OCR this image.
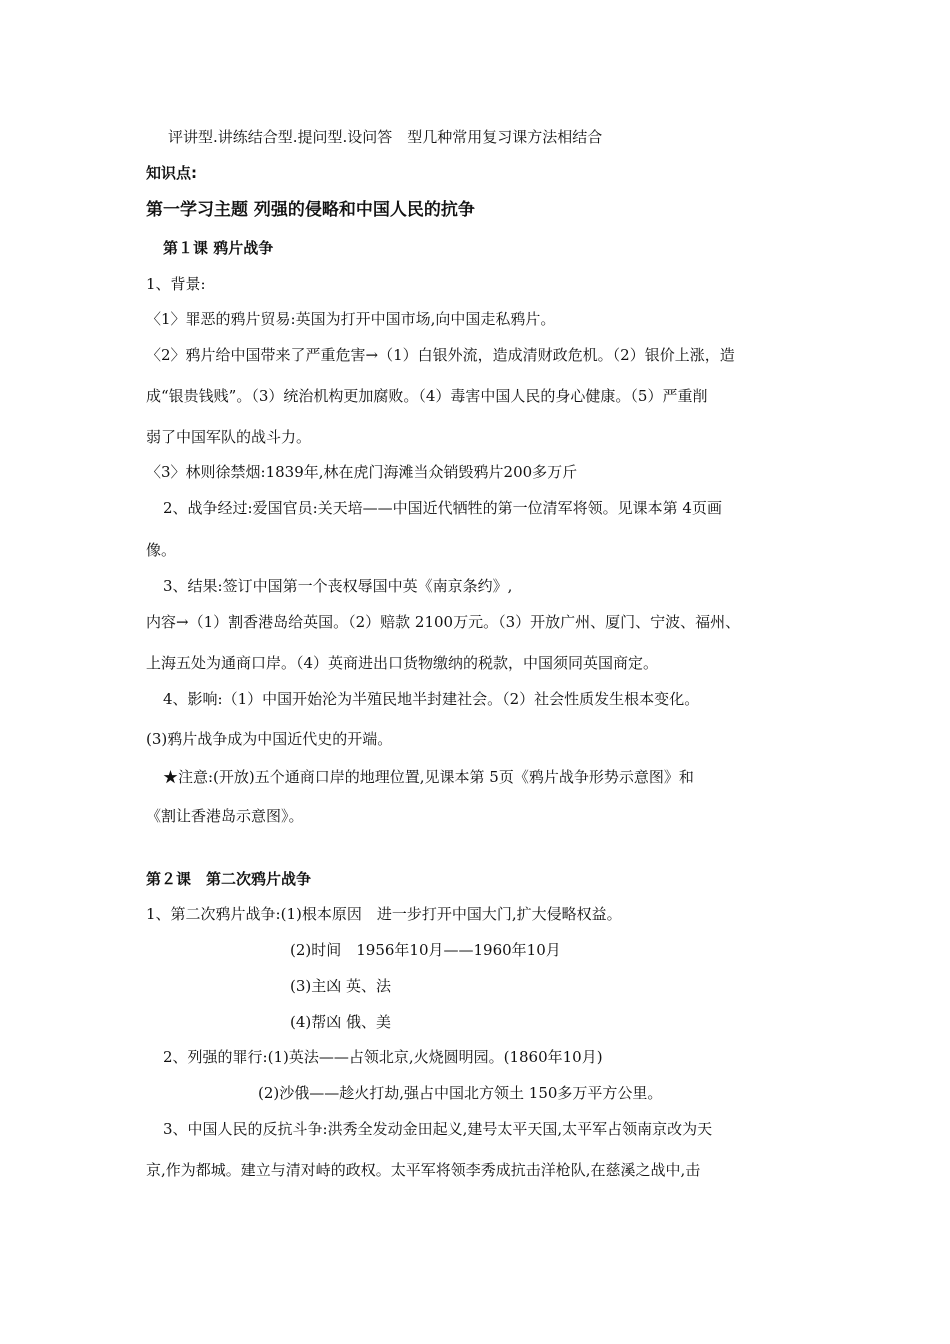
评讲型.讲练结合型.提问型.设问答　型几种常用复习课方法相结合
知识点:
第一学习主题 列强的侵略和中国人民的抗争
第１课 鸦片战争
1、背景:
〈1〉罪恶的鸦片贸易:英国为打开中国市场,向中国走私鸦片。
〈2〉鸦片给中国带来了严重危害→（1）白银外流，造成清财政危机。（2）银价上涨，造
成“银贵钱贱”。（3）统治机构更加腐败。（4）毒害中国人民的身心健康。（5）严重削
弱了中国军队的战斗力。
〈3〉林则徐禁烟:1839年,林在虎门海滩当众销毁鸦片200多万斤
2、战争经过:爱国官员:关天培——中国近代牺牲的第一位清军将领。见课本第 4页画
像。
3、结果:签订中国第一个丧权辱国中英《南京条约》,
内容→（1）割香港岛给英国。（2）赔款 2100万元。（3）开放广州、厦门、宁波、福州、
上海五处为通商口岸。（4）英商进出口货物缴纳的税款，中国须同英国商定。
4、影响:（1）中国开始沦为半殖民地半封建社会。（2）社会性质发生根本变化。
(3)鸦片战争成为中国近代史的开端。
★注意:(开放)五个通商口岸的地理位置,见课本第 5页《鸦片战争形势示意图》和
《割让香港岛示意图》。
第２课　第二次鸦片战争
1、第二次鸦片战争:(1)根本原因　进一步打开中国大门,扩大侵略权益。
(2)时间　1956年10月——1960年10月
(3)主凶 英、法
(4)帮凶 俄、美
2、列强的罪行:(1)英法——占领北京,火烧圆明园。(1860年10月)
(2)沙俄——趁火打劫,强占中国北方领土 150多万平方公里。
3、中国人民的反抗斗争:洪秀全发动金田起义,建号太平天国,太平军占领南京改为天
京,作为都城。建立与清对峙的政权。太平军将领李秀成抗击洋枪队,在慈溪之战中,击
